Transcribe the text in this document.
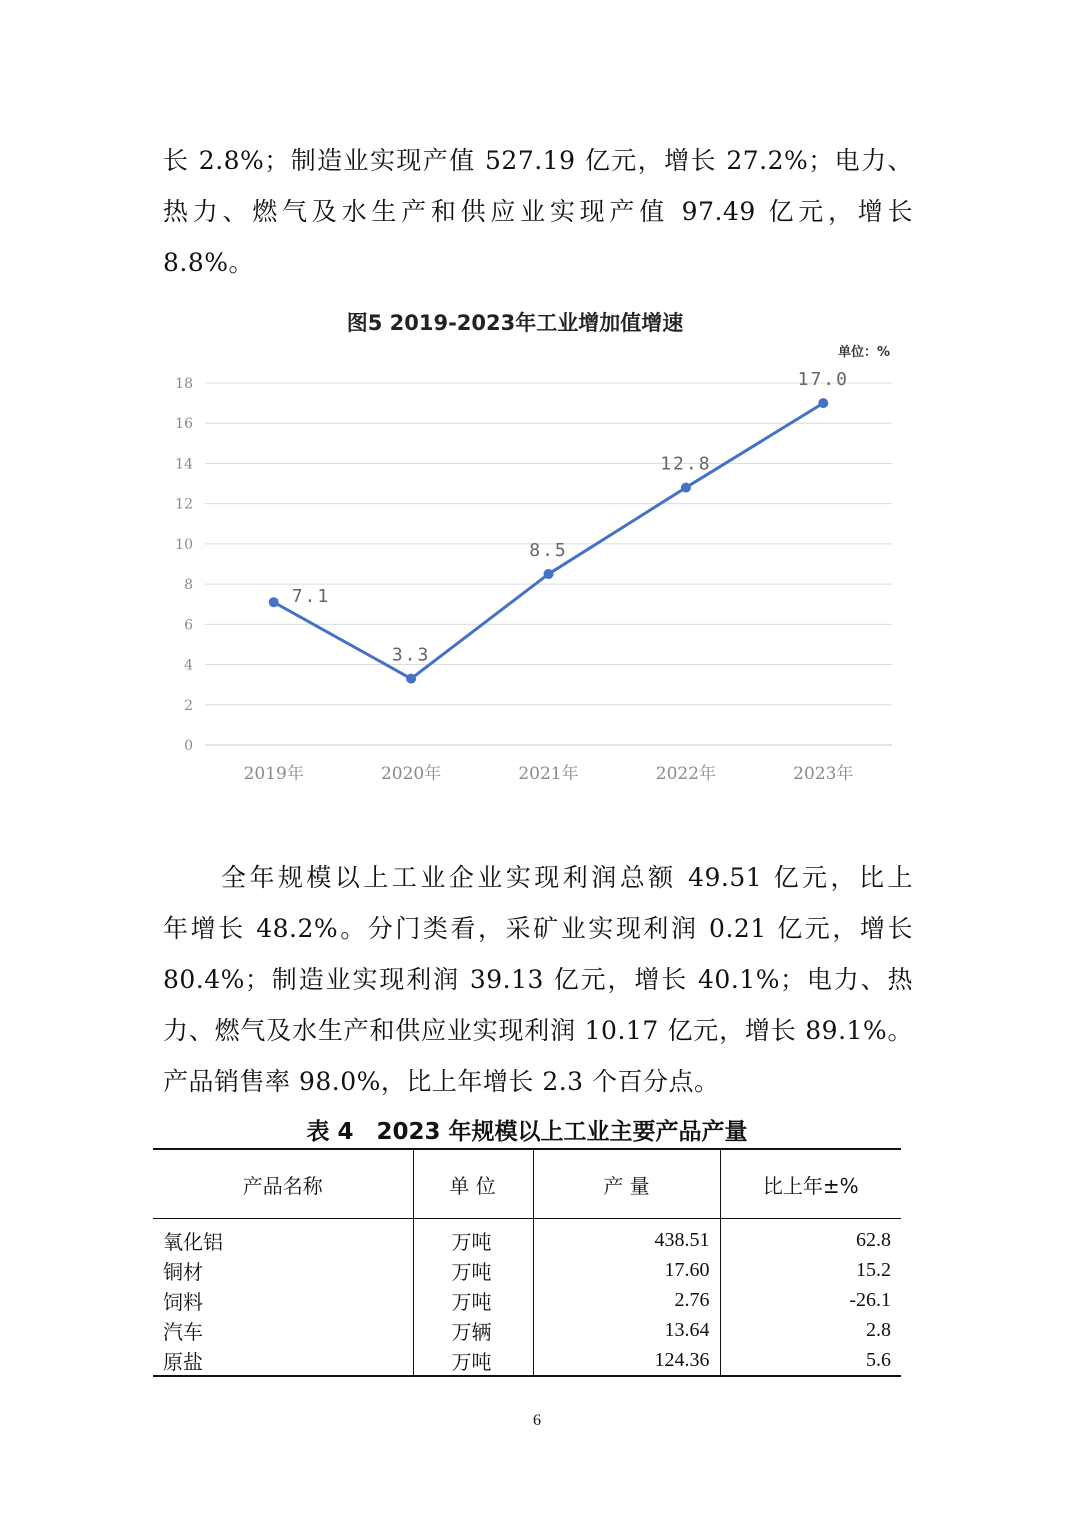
长 2.8%；制造业实现产值 527.19 亿元，增长 27.2%；电力、
热力、燃气及水生产和供应业实现产值 97.49 亿元，增长
8.8%。
图5 2019-2023年工业增加值增速
单位：%
0
2
4
6
8
10
12
14
16
18
2019年	2020年	2021年	2022年	2023年
7.1
3.3
8.5
12.8
17.0
全年规模以上工业企业实现利润总额 49.51 亿元，比上
年增长 48.2%。分门类看，采矿业实现利润 0.21 亿元，增长
80.4%；制造业实现利润 39.13 亿元，增长 40.1%；电力、热
力、燃气及水生产和供应业实现利润 10.17 亿元，增长 89.1%。
产品销售率 98.0%，比上年增长 2.3 个百分点。
表 4　2023 年规模以上工业主要产品产量
产品名称	单 位	产 量	比上年±%
氧化铝	万吨	438.51	62.8
铜材	万吨	17.60	15.2
饲料	万吨	2.76	-26.1
汽车	万辆	13.64	2.8
原盐	万吨	124.36	5.6
6
